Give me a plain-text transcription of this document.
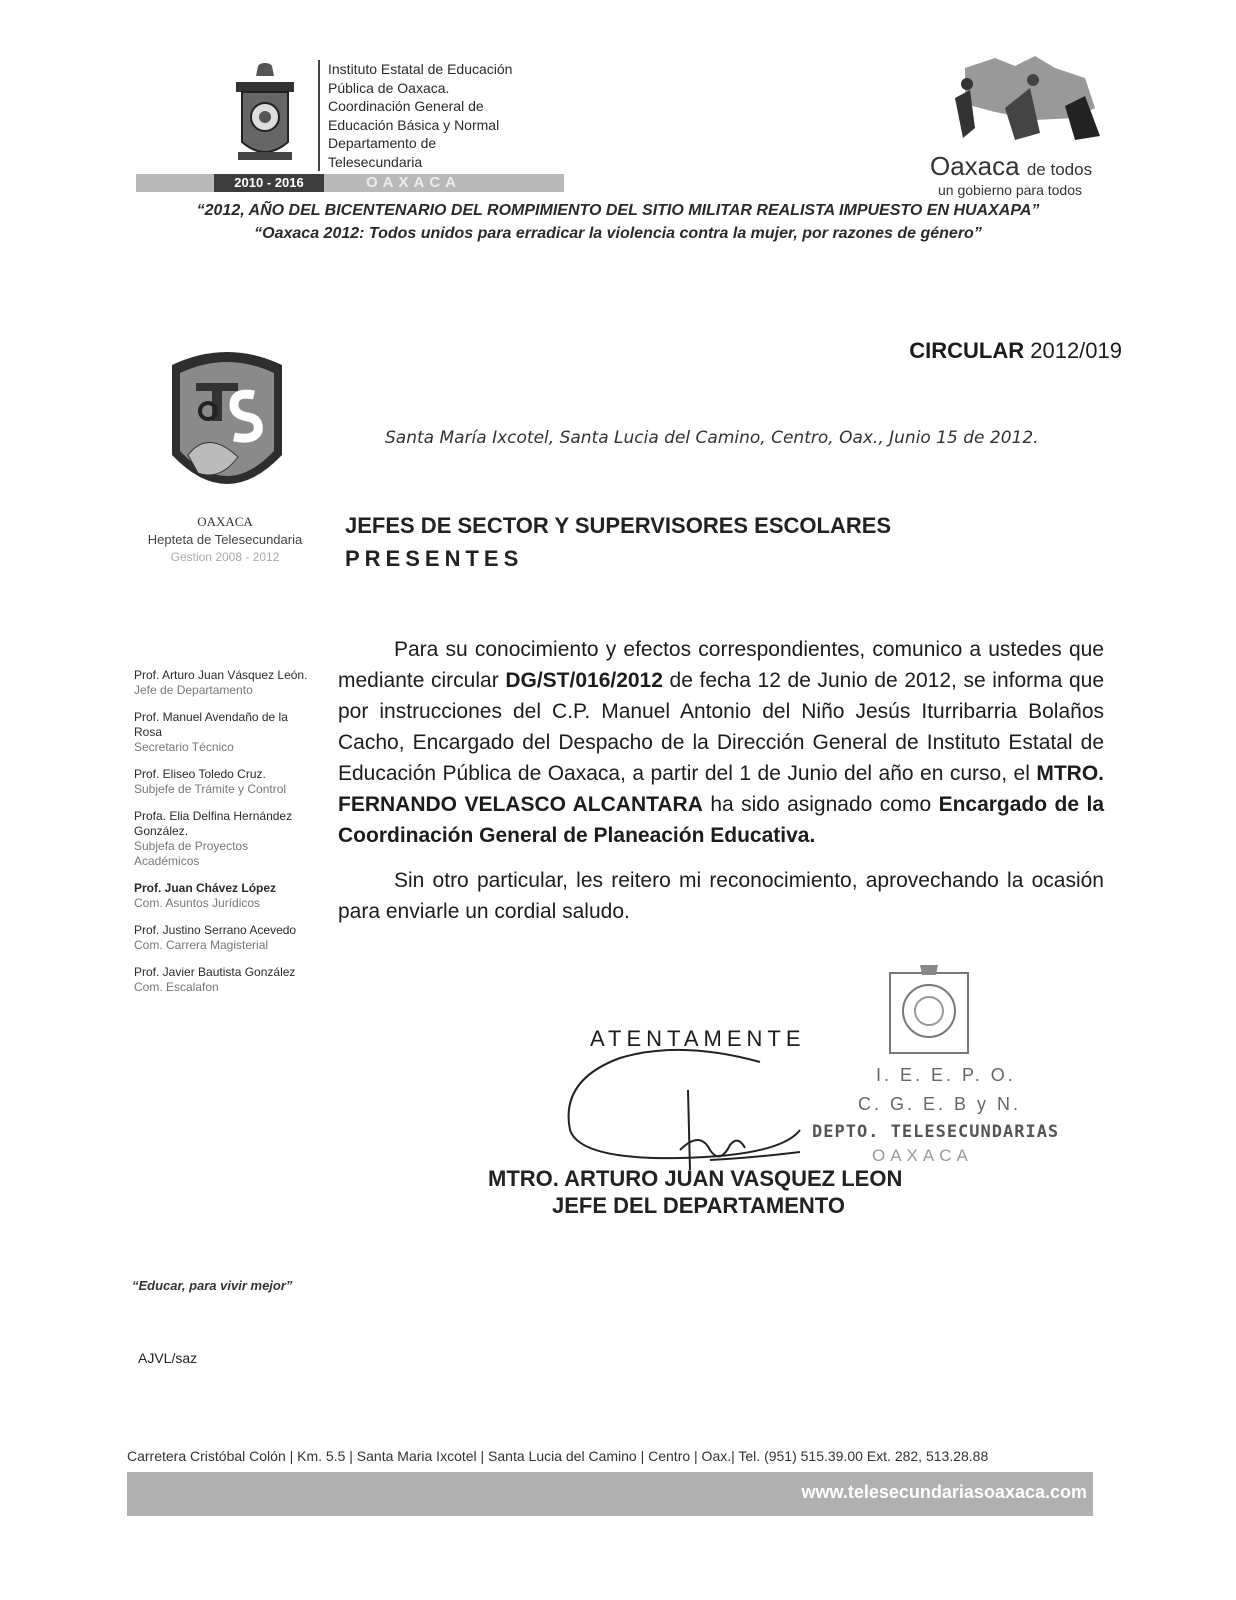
Instituto Estatal de Educación
Pública de Oaxaca.
Coordinación General de
Educación Básica y Normal
Departamento de
Telesecundaria
2010 - 2016	OAXACA
Oaxaca de todos
un gobierno para todos
“2012, AÑO DEL BICENTENARIO DEL ROMPIMIENTO DEL SITIO MILITAR REALISTA IMPUESTO EN HUAXAPA”
“Oaxaca 2012: Todos unidos para erradicar la violencia contra la mujer, por razones de género”
CIRCULAR 2012/019
OAXACA
Hepteta de Telesecundaria
Gestion 2008 - 2012
Santa María Ixcotel, Santa Lucia del Camino, Centro, Oax., Junio 15 de 2012.
JEFES DE SECTOR Y SUPERVISORES ESCOLARES
PRESENTES
Prof. Arturo Juan Vásquez León.
Jefe de Departamento
Prof. Manuel Avendaño de la Rosa
Secretario Técnico
Prof. Eliseo Toledo Cruz.
Subjefe de Trámite y Control
Profa. Elia Delfina Hernández González.
Subjefa de Proyectos Académicos
Prof. Juan Chávez López
Com. Asuntos Jurídicos
Prof. Justino Serrano Acevedo
Com. Carrera Magisterial
Prof. Javier Bautista González
Com. Escalafon

Para su conocimiento y efectos correspondientes, comunico a ustedes que mediante circular DG/ST/016/2012 de fecha 12 de Junio de 2012, se informa que por instrucciones del C.P. Manuel Antonio del Niño Jesús Iturribarria Bolaños Cacho, Encargado del Despacho de la Dirección General de Instituto Estatal de Educación Pública de Oaxaca, a partir del 1 de Junio del año en curso, el MTRO. FERNANDO VELASCO ALCANTARA ha sido asignado como Encargado de la Coordinación General de Planeación Educativa.

Sin otro particular, les reitero mi reconocimiento, aprovechando la ocasión para enviarle un cordial saludo.

ATENTAMENTE
I. E. E. P. O.
C. G. E. B y N.
DEPTO. TELESECUNDARIAS
OAXACA
MTRO. ARTURO JUAN VASQUEZ LEON
JEFE DEL DEPARTAMENTO
“Educar, para vivir mejor”
AJVL/saz
Carretera Cristóbal Colón | Km. 5.5 | Santa Maria Ixcotel | Santa Lucia del Camino | Centro | Oax.| Tel. (951) 515.39.00 Ext. 282, 513.28.88
www.telesecundariasoaxaca.com
